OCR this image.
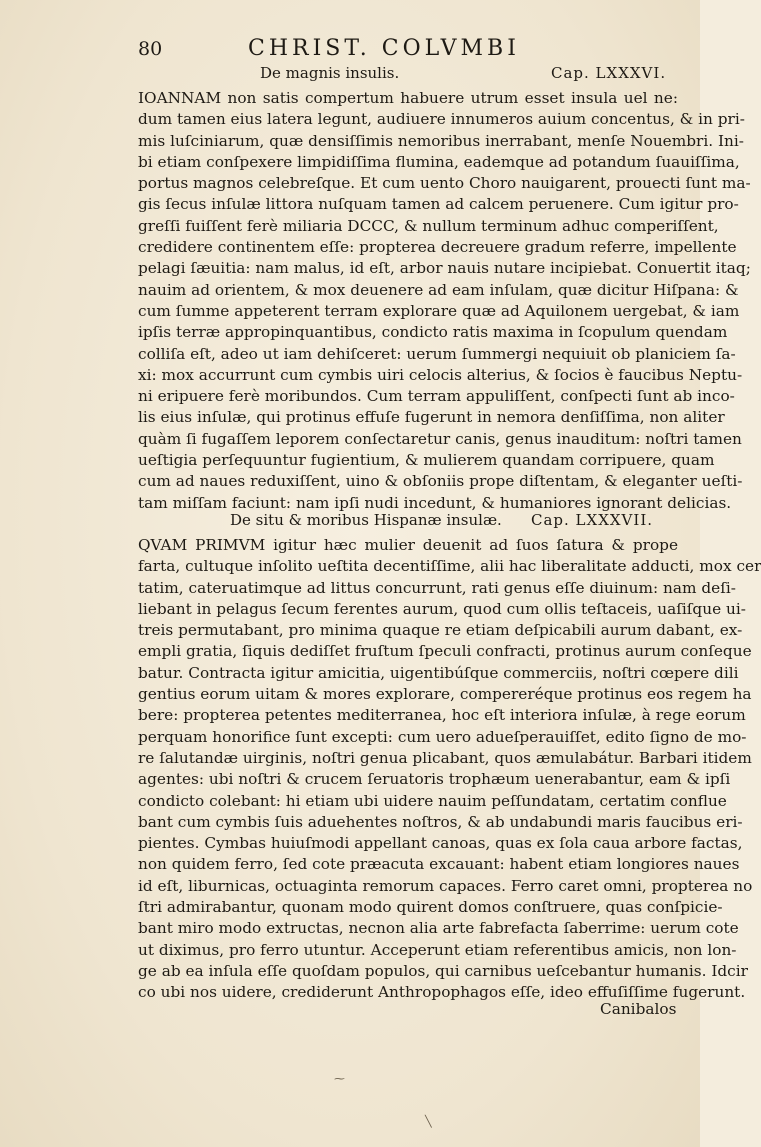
80	CHRIST. COLVMBI
De magnis insulis.	Cap. LXXXVI.
IOANNAM non satis compertum habuere utrum esset insula uel ne:
dum tamen eius latera legunt, audiuere innumeros auium concentus, & in pri-
mis luſciniarum, quæ densiſſimis nemoribus inerrabant, menſe Nouembri. Ini-
bi etiam conſpexere limpidiſſima flumina, eademque ad potandum ſuauiſſima,
portus magnos celebreſque. Et cum uento Choro nauigarent, prouecti ſunt ma-
gis ſecus inſulæ littora nuſquam tamen ad calcem peruenere. Cum igitur pro-
greſſi fuiſſent ferè miliaria DCCC, & nullum terminum adhuc comperiſſent,
credidere continentem eſſe: propterea decreuere gradum referre, impellente
pelagi ſæuitia: nam malus, id eſt, arbor nauis nutare incipiebat. Conuertit itaq;
nauim ad orientem, & mox deuenere ad eam inſulam, quæ dicitur Hiſpana: &
cum ſumme appeterent terram explorare quæ ad Aquilonem uergebat, & iam
ipſis terræ appropinquantibus, condicto ratis maxima in ſcopulum quendam
colliſa eſt, adeo ut iam dehiſceret: uerum ſummergi nequiuit ob planiciem ſa-
xi: mox accurrunt cum cymbis uiri celocis alterius, & ſocios è faucibus Neptu-
ni eripuere ferè moribundos. Cum terram appuliſſent, conſpecti ſunt ab inco-
lis eius inſulæ, qui protinus effuſe fugerunt in nemora denſiſſima, non aliter
quàm ſi fugaſſem leporem conſectaretur canis, genus inauditum: noſtri tamen
ueſtigia perſequuntur fugientium, & mulierem quandam corripuere, quam
cum ad naues reduxiſſent, uino & obſoniis prope diſtentam, & eleganter ueſti-
tam miſſam faciunt: nam ipſi nudi incedunt, & humaniores ignorant delicias.
De situ & moribus Hispanæ insulæ. Cap. LXXXVII.
QVAM PRIMVM igitur hæc mulier deuenit ad ſuos ſatura & prope
farta, cultuque inſolito ueſtita decentiſſime, alii hac liberalitate adducti, mox cer
tatim, cateruatimque ad littus concurrunt, rati genus eſſe diuinum: nam deſi-
liebant in pelagus ſecum ferentes aurum, quod cum ollis teſtaceis, uaſiſque ui-
treis permutabant, pro minima quaque re etiam deſpicabili aurum dabant, ex-
empli gratia, ſiquis dediſſet fruſtum ſpeculi confracti, protinus aurum conſeque
batur. Contracta igitur amicitia, uigentibúſque commerciis, noſtri cœpere dili
gentius eorum uitam & mores explorare, compereréque protinus eos regem ha
bere: propterea petentes mediterranea, hoc eſt interiora inſulæ, à rege eorum
perquam honorifice ſunt excepti: cum uero adueſperauiſſet, edito ſigno de mo-
re ſalutandæ uirginis, noſtri genua plicabant, quos æmulabátur. Barbari itidem
agentes: ubi noſtri & crucem ſeruatoris trophæum uenerabantur, eam & ipſi
condicto colebant: hi etiam ubi uidere nauim peſſundatam, certatim conflue
bant cum cymbis ſuis aduehentes noſtros, & ab undabundi maris faucibus eri-
pientes. Cymbas huiuſmodi appellant canoas, quas ex ſola caua arbore factas,
non quidem ferro, ſed cote præacuta excauant: habent etiam longiores naues
id eſt, liburnicas, octuaginta remorum capaces. Ferro caret omni, propterea no
ſtri admirabantur, quonam modo quirent domos conſtruere, quas conſpicie-
bant miro modo extructas, necnon alia arte fabrefacta ſaberrime: uerum cote
ut diximus, pro ferro utuntur. Acceperunt etiam referentibus amicis, non lon-
ge ab ea inſula eſſe quoſdam populos, qui carnibus ueſcebantur humanis. Idcir
co ubi nos uidere, crediderunt Anthropophagos eſſe, ideo effuſiſſime fugerunt.
Canibalos
⁓
╲
